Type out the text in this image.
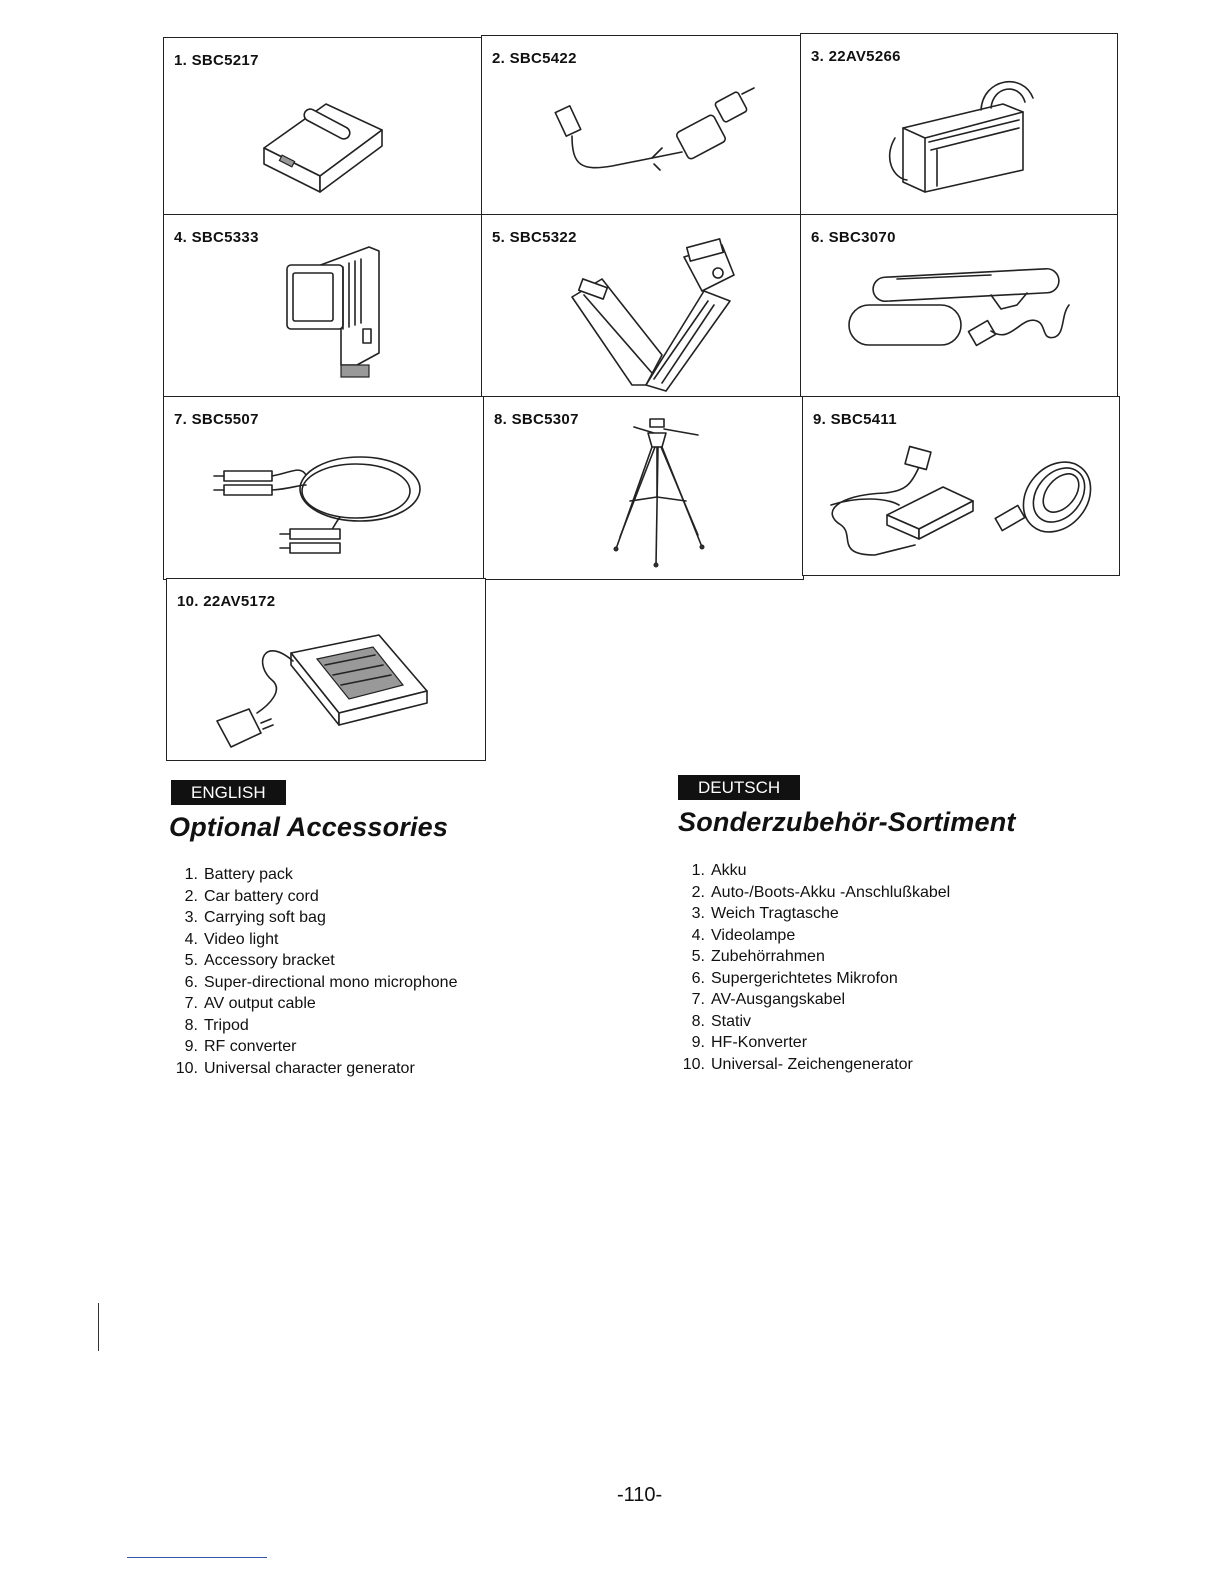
1. SBC5217	2. SBC5422	3. 22AV5266
4. SBC5333	5. SBC5322	6. SBC3070
7. SBC5507	8. SBC5307	9. SBC5411
10. 22AV5172
ENGLISH
Optional Accessories
1. Battery pack
2. Car battery cord
3. Carrying soft bag
4. Video light
5. Accessory bracket
6. Super-directional mono microphone
7. AV output cable
8. Tripod
9. RF converter
10. Universal character generator
DEUTSCH
Sonderzubehör-Sortiment
1. Akku
2. Auto-/Boots-Akku -Anschlußkabel
3. Weich Tragtasche
4. Videolampe
5. Zubehörrahmen
6. Supergerichtetes Mikrofon
7. AV-Ausgangskabel
8. Stativ
9. HF-Konverter
10. Universal- Zeichengenerator
-110-
